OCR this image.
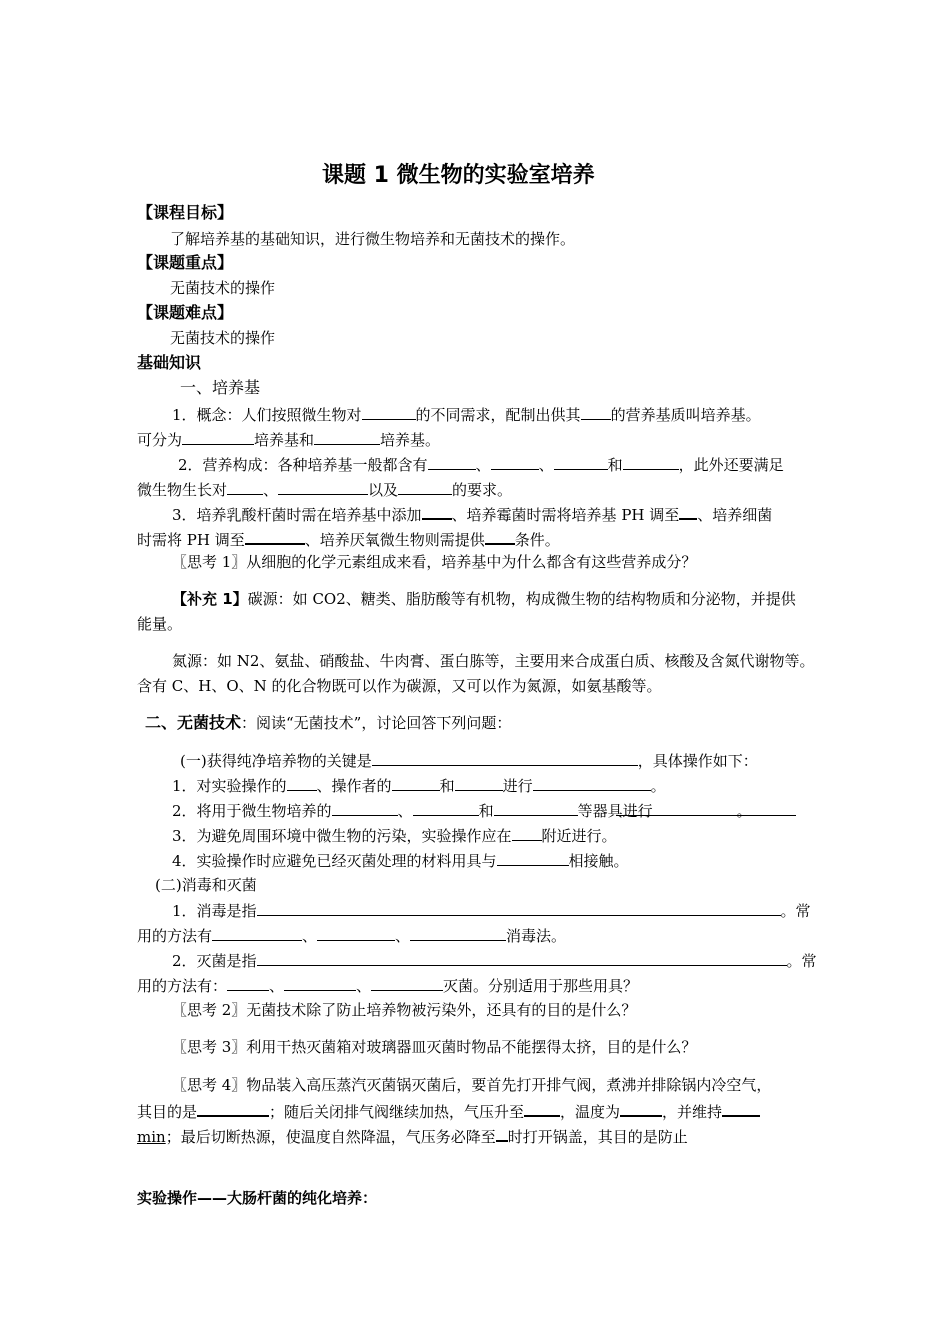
课题 1 微生物的实验室培养
【课程目标】
了解培养基的基础知识，进行微生物培养和无菌技术的操作。
【课题重点】
无菌技术的操作
【课题难点】
无菌技术的操作
基础知识
一、培养基
1．概念：人们按照微生物对	的不同需求，配制出供其 的营养基质叫培养基。
可分为	培养基和	培养基。
2．营养构成：各种培养基一般都含有	、	、	和	，此外还要满足
微生物生长对 、	以及	的要求。
3．培养乳酸杆菌时需在培养基中添加 、培养霉菌时需将培养基 PH 调至 、培养细菌
时需将 PH 调至	、培养厌氧微生物则需提供 条件。
〖思考 1〗从细胞的化学元素组成来看，培养基中为什么都含有这些营养成分？
【补充 1】碳源：如 CO2、糖类、脂肪酸等有机物，构成微生物的结构物质和分泌物，并提供
能量。
氮源：如 N2、氨盐、硝酸盐、牛肉膏、蛋白胨等，主要用来合成蛋白质、核酸及含氮代谢物等。
含有 C、H、O、N 的化合物既可以作为碳源，又可以作为氮源，如氨基酸等。
二、无菌技术：阅读“无菌技术”，讨论回答下列问题：
(一)获得纯净培养物的关键是	，具体操作如下：
1．对实验操作的 、操作者的	和	进行	。
2．将用于微生物培养的	、	和	等器具进行	。
3．为避免周围环境中微生物的污染，实验操作应在 附近进行。
4．实验操作时应避免已经灭菌处理的材料用具与	相接触。
(二)消毒和灭菌
1．消毒是指	。常
用的方法有	、	、	消毒法。
2．灭菌是指	。常
用的方法有：	、	、	灭菌。分别适用于那些用具？
〖思考 2〗无菌技术除了防止培养物被污染外，还具有的目的是什么？
〖思考 3〗利用干热灭菌箱对玻璃器皿灭菌时物品不能摆得太挤，目的是什么？
〖思考 4〗物品装入高压蒸汽灭菌锅灭菌后，要首先打开排气阀，煮沸并排除锅内冷空气，
其目的是	；随后关闭排气阀继续加热，气压升至 ，温度为	，并维持
min；最后切断热源，使温度自然降温，气压务必降至 时打开锅盖，其目的是防止
实验操作——大肠杆菌的纯化培养：
